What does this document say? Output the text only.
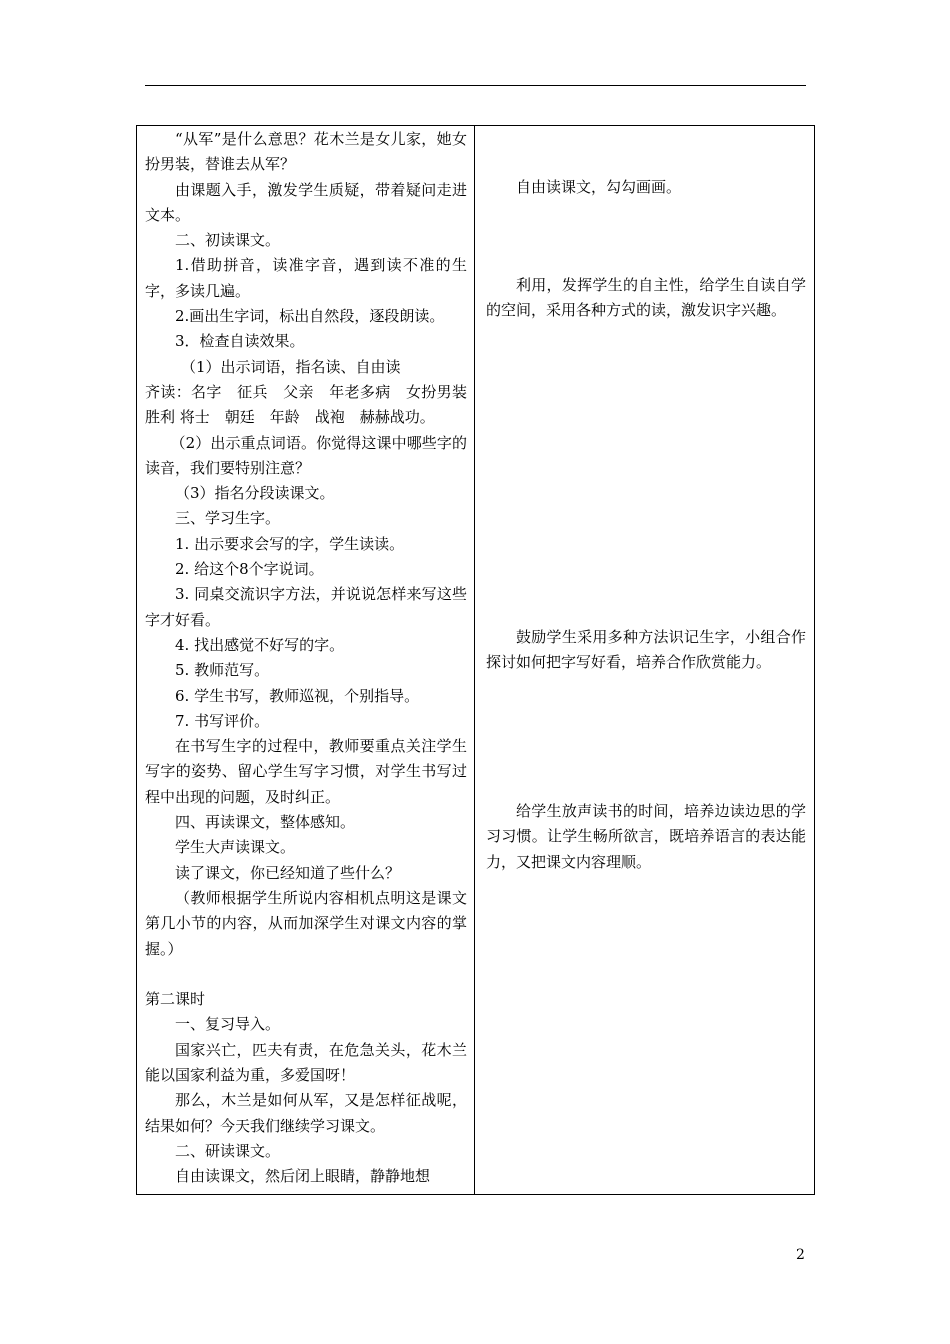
“从军”是什么意思？花木兰是女儿家，她女扮男装，替谁去从军？

由课题入手，激发学生质疑，带着疑问走进文本。

二、初读课文。

1.借助拼音，读准字音，遇到读不准的生字，多读几遍。

2.画出生字词，标出自然段，逐段朗读。

3．检查自读效果。

（1）出示词语，指名读、自由读

齐读：名字　征兵　父亲　年老多病　女扮男装　胜利 将士　朝廷　年龄　战袍　赫赫战功。

（2）出示重点词语。你觉得这课中哪些字的读音，我们要特别注意？

（3）指名分段读课文。

三、学习生字。

1. 出示要求会写的字，学生读读。

2. 给这个8个字说词。

3. 同桌交流识字方法，并说说怎样来写这些字才好看。

4. 找出感觉不好写的字。

5. 教师范写。

6. 学生书写，教师巡视，个别指导。

7. 书写评价。

在书写生字的过程中，教师要重点关注学生写字的姿势、留心学生写字习惯，对学生书写过程中出现的问题，及时纠正。

四、再读课文，整体感知。

学生大声读课文。

读了课文，你已经知道了些什么？

（教师根据学生所说内容相机点明这是课文第几小节的内容，从而加深学生对课文内容的掌握。）

第二课时

一、复习导入。

国家兴亡，匹夫有责，在危急关头，花木兰能以国家利益为重，多爱国呀！

那么，木兰是如何从军，又是怎样征战呢，结果如何？今天我们继续学习课文。

二、研读课文。

自由读课文，然后闭上眼睛，静静地想

自由读课文，勾勾画画。

利用，发挥学生的自主性，给学生自读自学的空间，采用各种方式的读，激发识字兴趣。

鼓励学生采用多种方法识记生字，小组合作探讨如何把字写好看，培养合作欣赏能力。

给学生放声读书的时间，培养边读边思的学习习惯。让学生畅所欲言，既培养语言的表达能力，又把课文内容理顺。

2
